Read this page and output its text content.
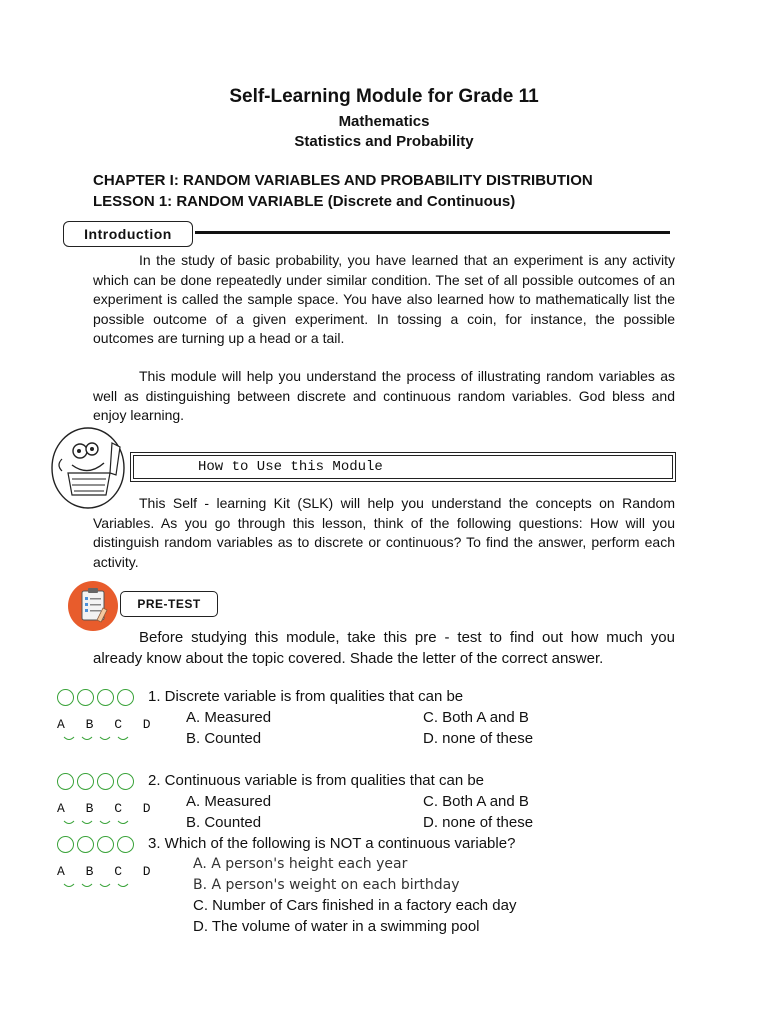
Self-Learning Module for Grade 11
Mathematics
Statistics and Probability
CHAPTER I: RANDOM VARIABLES AND PROBABILITY DISTRIBUTION
LESSON 1: RANDOM VARIABLE (Discrete and Continuous)
Introduction
In the study of basic probability, you have learned that an experiment is any activity which can be done repeatedly under similar condition. The set of all possible outcomes of an experiment is called the sample space. You have also learned how to mathematically list the possible outcome of a given experiment. In tossing a coin, for instance, the possible outcomes are turning up a head or a tail.
This module will help you understand the process of illustrating random variables as well as distinguishing between discrete and continuous random variables. God bless and enjoy learning.
How to Use this Module
This Self - learning Kit (SLK) will help you understand the concepts on Random Variables. As you go through this lesson, think of the following questions: How will you distinguish random variables as to discrete or continuous? To find the answer, perform each activity.
PRE-TEST
Before studying this module, take this pre - test to find out how much you already know about the topic covered. Shade the letter of the correct answer.
A B C D
1. Discrete variable is from qualities that can be
A. Measured	C. Both A and B
B. Counted	D. none of these
A B C D
2. Continuous variable is from qualities that can be
A. Measured	C. Both A and B
B. Counted	D. none of these
A B C D
3. Which of the following is NOT a continuous variable?
A. A person's height each year
B. A person's weight on each birthday
C. Number of Cars finished in a factory each day
D. The volume of water in a swimming pool
